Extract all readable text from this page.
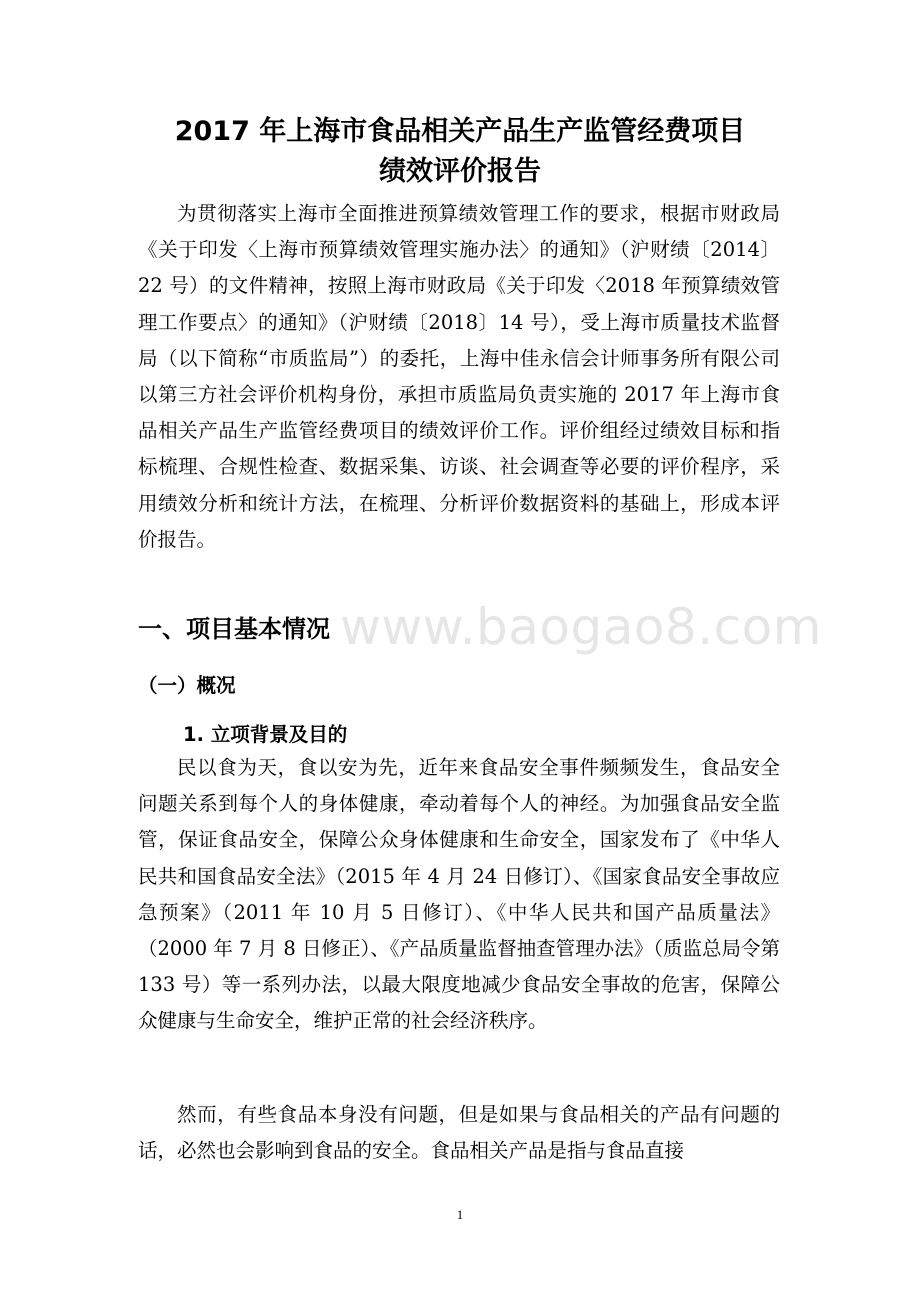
2017 年上海市食品相关产品生产监管经费项目
绩效评价报告

为贯彻落实上海市全面推进预算绩效管理工作的要求，根据市财政局《关于印发〈上海市预算绩效管理实施办法〉的通知》（沪财绩〔2014〕22 号）的文件精神，按照上海市财政局《关于印发〈2018 年预算绩效管理工作要点〉的通知》（沪财绩〔2018〕14 号），受上海市质量技术监督局（以下简称“市质监局”）的委托，上海中佳永信会计师事务所有限公司以第三方社会评价机构身份，承担市质监局负责实施的 2017 年上海市食品相关产品生产监管经费项目的绩效评价工作。评价组经过绩效目标和指标梳理、合规性检查、数据采集、访谈、社会调查等必要的评价程序，采用绩效分析和统计方法，在梳理、分析评价数据资料的基础上，形成本评价报告。

www.baogao8.com
一、项目基本情况
（一）概况
1. 立项背景及目的

民以食为天，食以安为先，近年来食品安全事件频频发生，食品安全问题关系到每个人的身体健康，牵动着每个人的神经。为加强食品安全监管，保证食品安全，保障公众身体健康和生命安全，国家发布了《中华人民共和国食品安全法》（2015 年 4 月 24 日修订）、《国家食品安全事故应急预案》（2011 年 10 月 5 日修订）、《中华人民共和国产品质量法》（2000 年 7 月 8 日修正）、《产品质量监督抽查管理办法》（质监总局令第 133 号）等一系列办法，以最大限度地减少食品安全事故的危害，保障公众健康与生命安全，维护正常的社会经济秩序。

然而，有些食品本身没有问题，但是如果与食品相关的产品有问题的话，必然也会影响到食品的安全。食品相关产品是指与食品直接

1
